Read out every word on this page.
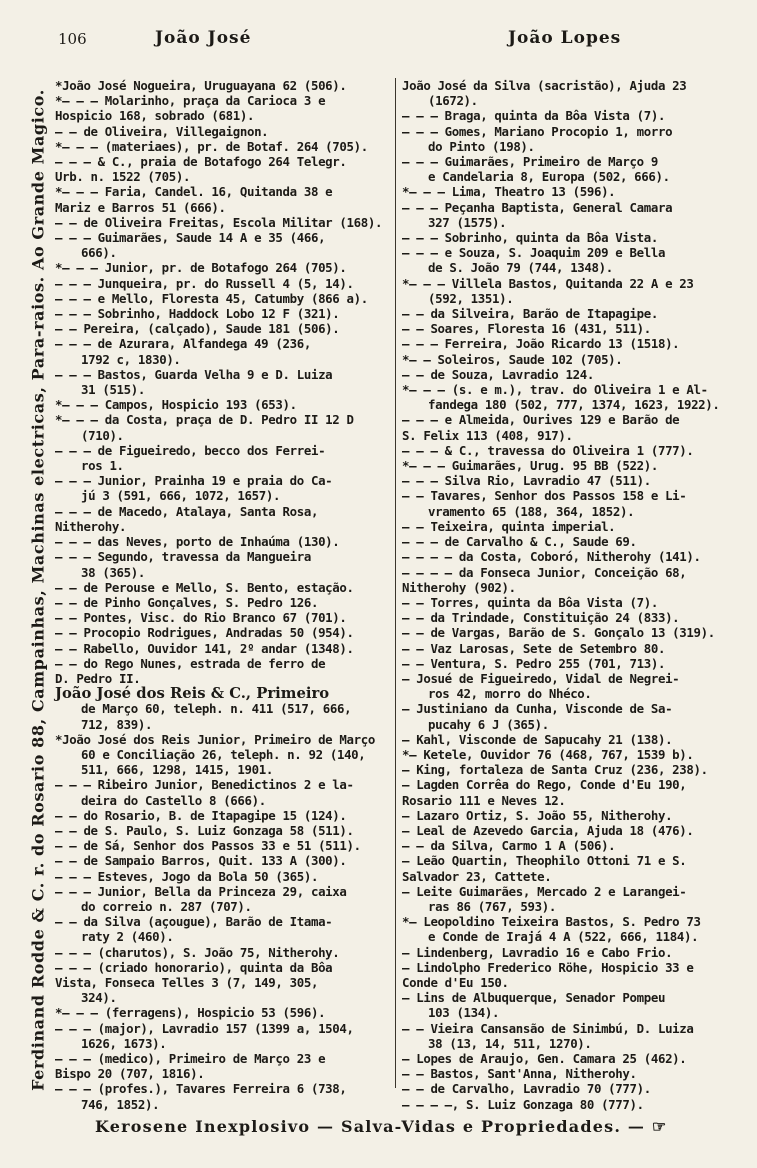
106	João José	João Lopes
Ferdinand Rodde & C. r. do Rosario 88, Campainhas, Machinas electricas, Para-raios. Ao Grande Magico.
*João José Nogueira, Uruguayana 62 (506).
*— — — Molarinho, praça da Carioca 3 e
Hospicio 168, sobrado (681).
— — de Oliveira, Villegaignon.
*— — — (materiaes), pr. de Botaf. 264 (705).
— — — & C., praia de Botafogo 264 Telegr.
Urb. n. 1522 (705).
*— — — Faria, Candel. 16, Quitanda 38 e
Mariz e Barros 51 (666).
— — de Oliveira Freitas, Escola Militar (168).
— — — Guimarães, Saude 14 A e 35 (466,
666).
*— — — Junior, pr. de Botafogo 264 (705).
— — — Junqueira, pr. do Russell 4 (5, 14).
— — — e Mello, Floresta 45, Catumby (866 a).
— — — Sobrinho, Haddock Lobo 12 F (321).
— — Pereira, (calçado), Saude 181 (506).
— — — de Azurara, Alfandega 49 (236,
1792 c, 1830).
— — — Bastos, Guarda Velha 9 e D. Luiza
31 (515).
*— — — Campos, Hospicio 193 (653).
*— — — da Costa, praça de D. Pedro II 12 D
(710).
— — — de Figueiredo, becco dos Ferrei-
ros 1.
— — — Junior, Prainha 19 e praia do Ca-
jú 3 (591, 666, 1072, 1657).
— — — de Macedo, Atalaya, Santa Rosa,
Nitherohy.
— — — das Neves, porto de Inhaúma (130).
— — — Segundo, travessa da Mangueira
38 (365).
— — de Perouse e Mello, S. Bento, estação.
— — de Pinho Gonçalves, S. Pedro 126.
— — Pontes, Visc. do Rio Branco 67 (701).
— — Procopio Rodrigues, Andradas 50 (954).
— — Rabello, Ouvidor 141, 2º andar (1348).
— — do Rego Nunes, estrada de ferro de
D. Pedro II.
João José dos Reis & C., Primeiro
de Março 60, teleph. n. 411 (517, 666,
712, 839).
*João José dos Reis Junior, Primeiro de Março
60 e Conciliação 26, teleph. n. 92 (140,
511, 666, 1298, 1415, 1901.
— — — Ribeiro Junior, Benedictinos 2 e la-
deira do Castello 8 (666).
— — do Rosario, B. de Itapagipe 15 (124).
— — de S. Paulo, S. Luiz Gonzaga 58 (511).
— — de Sá, Senhor dos Passos 33 e 51 (511).
— — de Sampaio Barros, Quit. 133 A (300).
— — — Esteves, Jogo da Bola 50 (365).
— — — Junior, Bella da Princeza 29, caixa
do correio n. 287 (707).
— — da Silva (açougue), Barão de Itama-
raty 2 (460).
— — — (charutos), S. João 75, Nitherohy.
— — — (criado honorario), quinta da Bôa
Vista, Fonseca Telles 3 (7, 149, 305,
324).
*— — — (ferragens), Hospicio 53 (596).
— — — (major), Lavradio 157 (1399 a, 1504,
1626, 1673).
— — — (medico), Primeiro de Março 23 e
Bispo 20 (707, 1816).
— — — (profes.), Tavares Ferreira 6 (738,
746, 1852).
João José da Silva (sacristão), Ajuda 23
(1672).
— — — Braga, quinta da Bôa Vista (7).
— — — Gomes, Mariano Procopio 1, morro
do Pinto (198).
— — — Guimarães, Primeiro de Março 9
e Candelaria 8, Europa (502, 666).
*— — — Lima, Theatro 13 (596).
— — — Peçanha Baptista, General Camara
327 (1575).
— — — Sobrinho, quinta da Bôa Vista.
— — — e Souza, S. Joaquim 209 e Bella
de S. João 79 (744, 1348).
*— — — Villela Bastos, Quitanda 22 A e 23
(592, 1351).
— — da Silveira, Barão de Itapagipe.
— — Soares, Floresta 16 (431, 511).
— — — Ferreira, João Ricardo 13 (1518).
*— — Soleiros, Saude 102 (705).
— — de Souza, Lavradio 124.
*— — — (s. e m.), trav. do Oliveira 1 e Al-
fandega 180 (502, 777, 1374, 1623, 1922).
— — — e Almeida, Ourives 129 e Barão de
S. Felix 113 (408, 917).
— — — & C., travessa do Oliveira 1 (777).
*— — — Guimarães, Urug. 95 BB (522).
— — — Silva Rio, Lavradio 47 (511).
— — Tavares, Senhor dos Passos 158 e Li-
vramento 65 (188, 364, 1852).
— — Teixeira, quinta imperial.
— — — de Carvalho & C., Saude 69.
— — — — da Costa, Coboró, Nitherohy (141).
— — — — da Fonseca Junior, Conceição 68,
Nitherohy (902).
— — Torres, quinta da Bôa Vista (7).
— — da Trindade, Constituição 24 (833).
— — de Vargas, Barão de S. Gonçalo 13 (319).
— — Vaz Larosas, Sete de Setembro 80.
— — Ventura, S. Pedro 255 (701, 713).
— Josué de Figueiredo, Vidal de Negrei-
ros 42, morro do Nhéco.
— Justiniano da Cunha, Visconde de Sa-
pucahy 6 J (365).
— Kahl, Visconde de Sapucahy 21 (138).
*— Ketele, Ouvidor 76 (468, 767, 1539 b).
— King, fortaleza de Santa Cruz (236, 238).
— Lagden Corrêa do Rego, Conde d'Eu 190,
Rosario 111 e Neves 12.
— Lazaro Ortiz, S. João 55, Nitherohy.
— Leal de Azevedo Garcia, Ajuda 18 (476).
— — da Silva, Carmo 1 A (506).
— Leão Quartin, Theophilo Ottoni 71 e S.
Salvador 23, Cattete.
— Leite Guimarães, Mercado 2 e Larangei-
ras 86 (767, 593).
*— Leopoldino Teixeira Bastos, S. Pedro 73
e Conde de Irajá 4 A (522, 666, 1184).
— Lindenberg, Lavradio 16 e Cabo Frio.
— Lindolpho Frederico Röhe, Hospicio 33 e
Conde d'Eu 150.
— Lins de Albuquerque, Senador Pompeu
103 (134).
— — Vieira Cansansão de Sinimbú, D. Luiza
38 (13, 14, 511, 1270).
— Lopes de Araujo, Gen. Camara 25 (462).
— — Bastos, Sant'Anna, Nitherohy.
— — de Carvalho, Lavradio 70 (777).
— — — —, S. Luiz Gonzaga 80 (777).
Kerosene Inexplosivo — Salva-Vidas e Propriedades. — ☞
